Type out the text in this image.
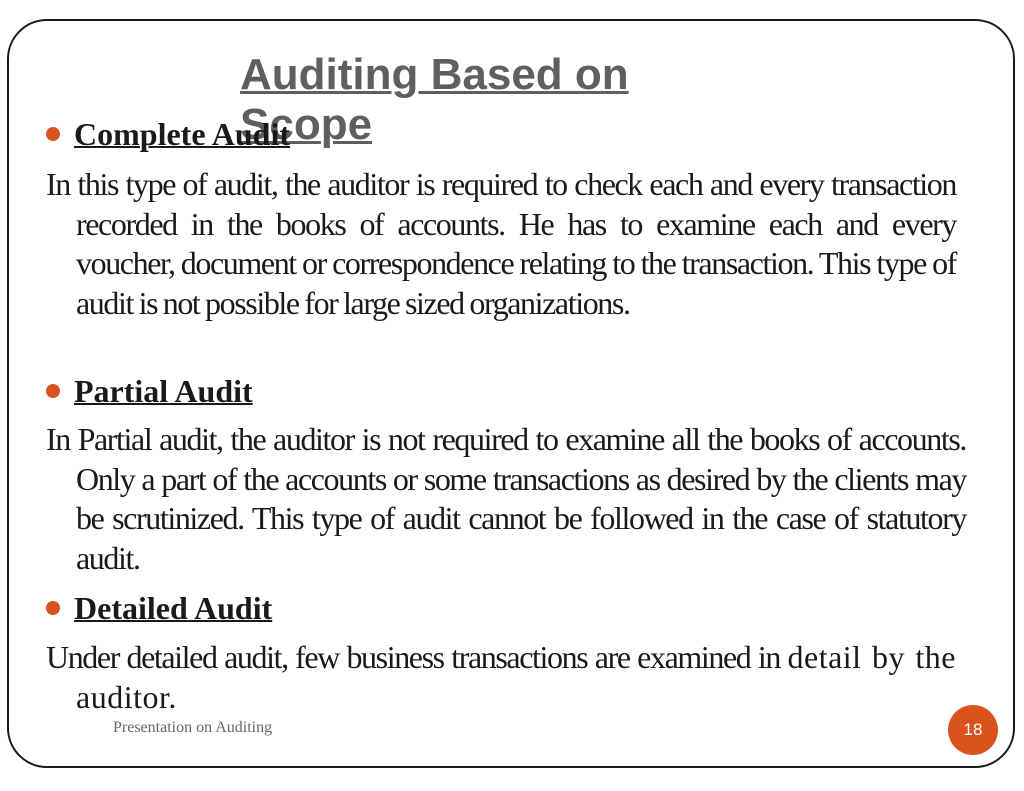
Auditing Based on Scope
Complete Audit

In this type of audit, the auditor is required to check each and every transaction recorded in the books of accounts. He has to examine each and every voucher, document or correspondence relating to the transaction. This type of audit is not possible for large sized organizations.

Partial Audit

In Partial audit, the auditor is not required to examine all the books of accounts. Only a part of the accounts or some transactions as desired by the clients may be scrutinized. This type of audit cannot be followed in the case of statutory audit.

Detailed Audit

Under detailed audit, few business transactions are examined in detail by the auditor.

Presentation on Auditing	18
